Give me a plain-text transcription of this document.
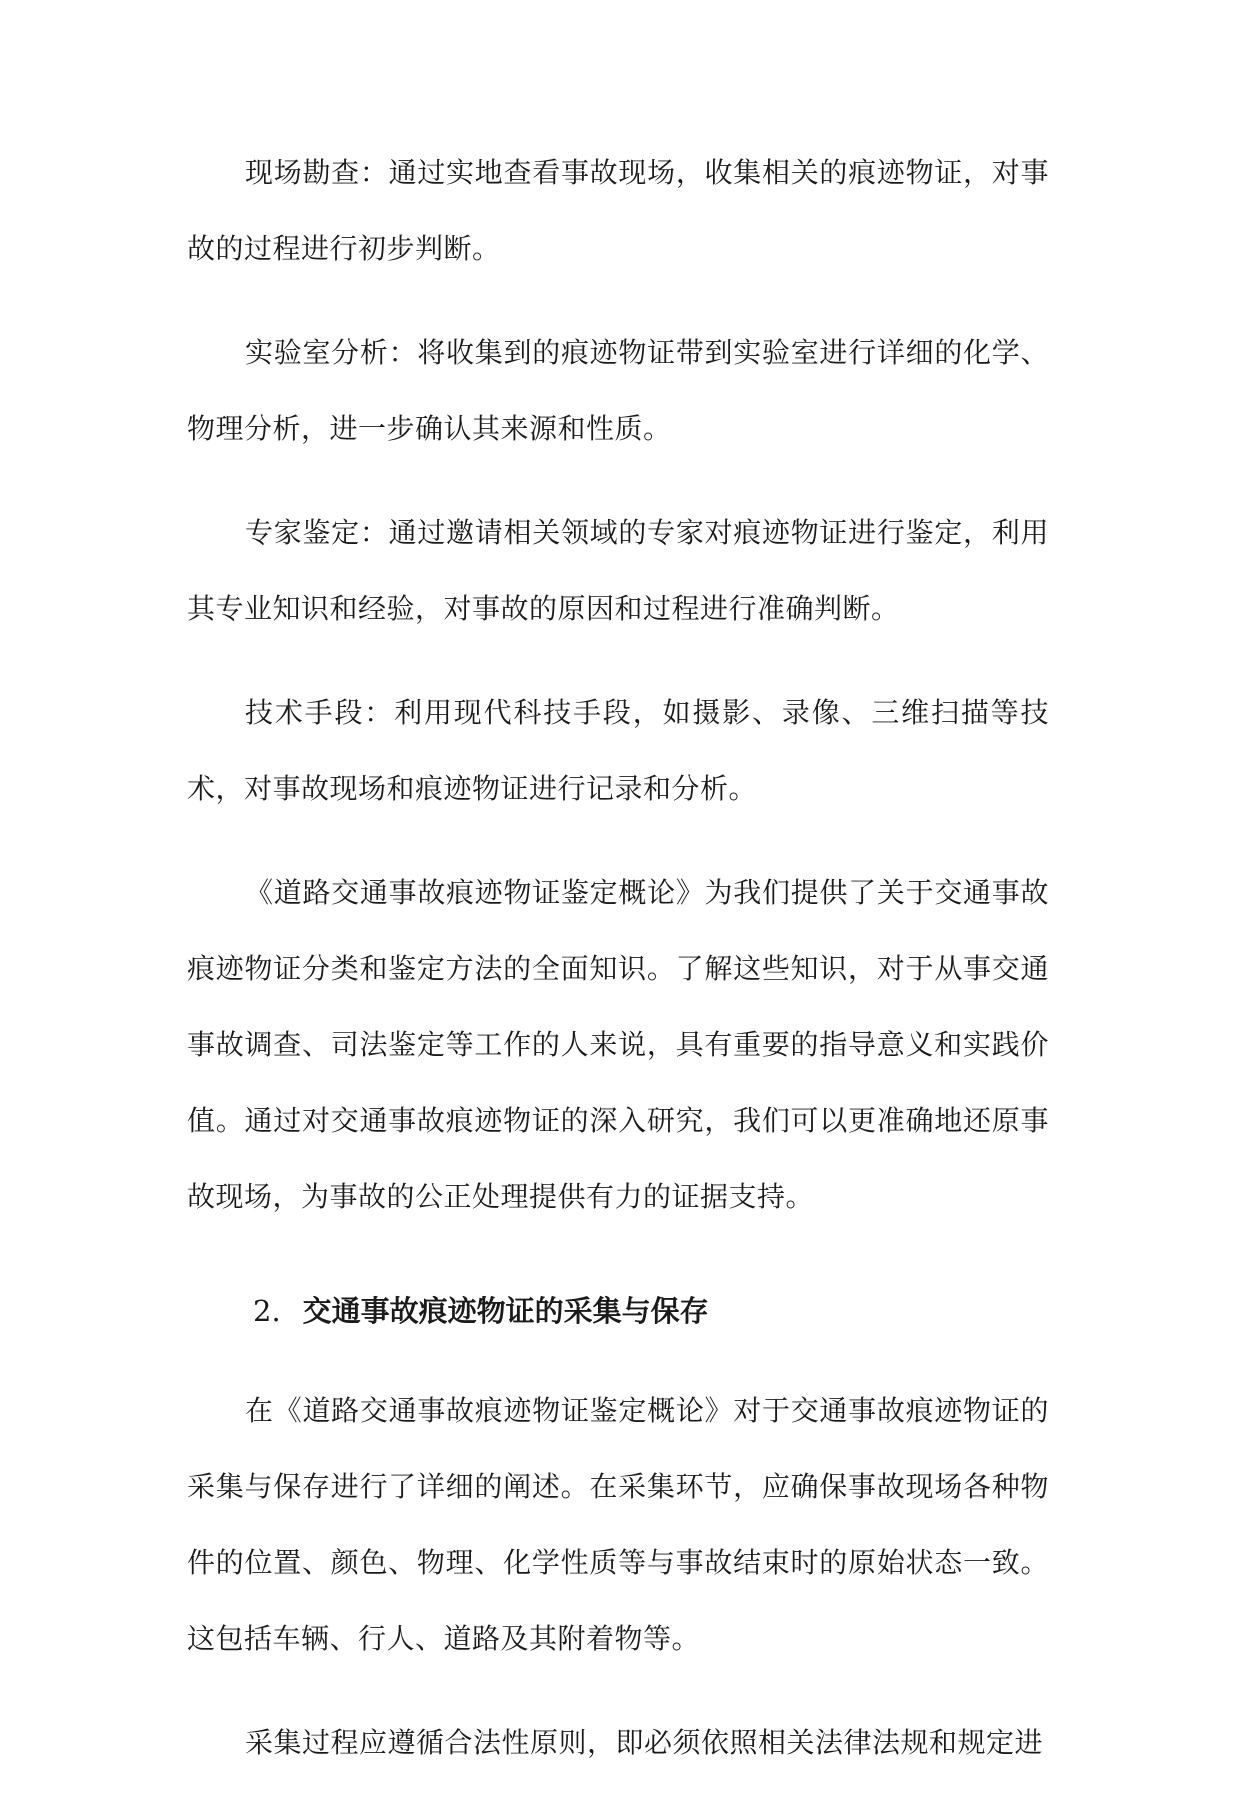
现场勘查：通过实地查看事故现场，收集相关的痕迹物证，对事故的过程进行初步判断。

实验室分析：将收集到的痕迹物证带到实验室进行详细的化学、物理分析，进一步确认其来源和性质。

专家鉴定：通过邀请相关领域的专家对痕迹物证进行鉴定，利用其专业知识和经验，对事故的原因和过程进行准确判断。

技术手段：利用现代科技手段，如摄影、录像、三维扫描等技术，对事故现场和痕迹物证进行记录和分析。

《道路交通事故痕迹物证鉴定概论》为我们提供了关于交通事故痕迹物证分类和鉴定方法的全面知识。了解这些知识，对于从事交通事故调查、司法鉴定等工作的人来说，具有重要的指导意义和实践价值。通过对交通事故痕迹物证的深入研究，我们可以更准确地还原事故现场，为事故的公正处理提供有力的证据支持。

2. 交通事故痕迹物证的采集与保存

在《道路交通事故痕迹物证鉴定概论》对于交通事故痕迹物证的采集与保存进行了详细的阐述。在采集环节，应确保事故现场各种物件的位置、颜色、物理、化学性质等与事故结束时的原始状态一致。这包括车辆、行人、道路及其附着物等。

采集过程应遵循合法性原则，即必须依照相关法律法规和规定进
